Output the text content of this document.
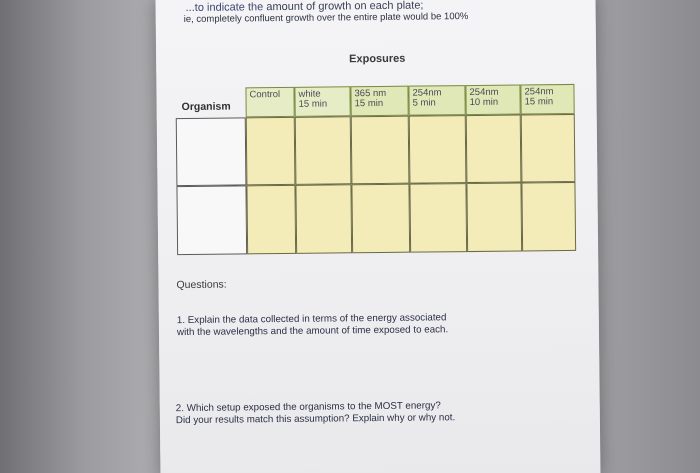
...to indicate the amount of growth on each plate;
ie, completely confluent growth over the entire plate would be 100%
Exposures
Organism
Control	white
15 min
365 nm
15 min
254nm
5 min
254nm
10 min
254nm
15 min
Questions:
1. Explain the data collected in terms of the energy associated
with the wavelengths and the amount of time exposed to each.
2. Which setup exposed the organisms to the MOST energy?
Did your results match this assumption? Explain why or why not.
